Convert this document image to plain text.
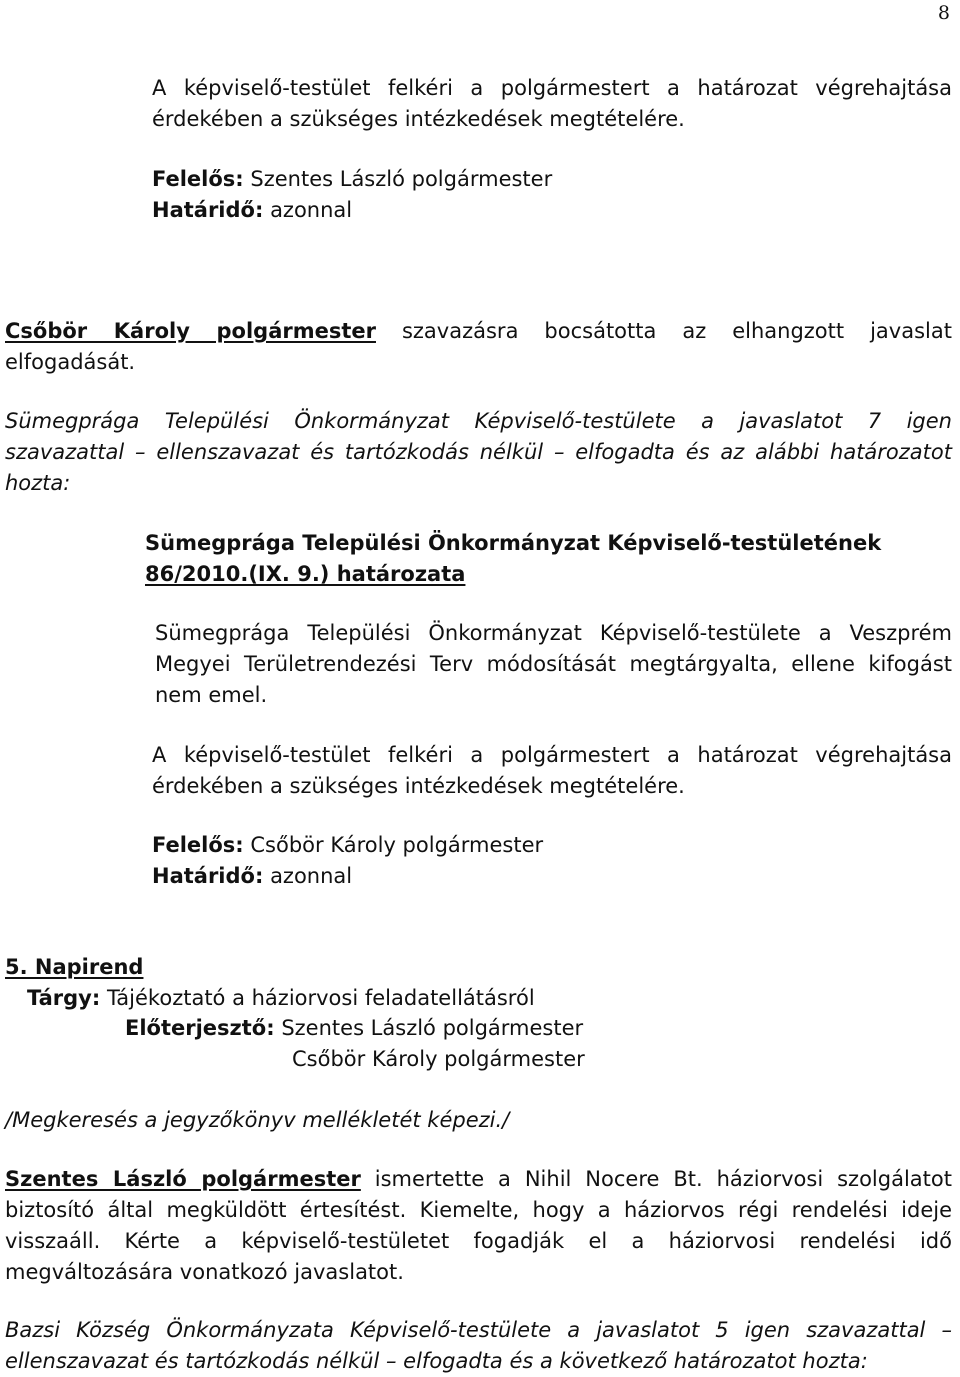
8
A képviselő-testület felkéri a polgármestert a határozat végrehajtása
érdekében a szükséges intézkedések megtételére.
Felelős: Szentes László polgármester
Határidő: azonnal
Csőbör Károly polgármester szavazásra bocsátotta az elhangzott javaslat
elfogadását.
Sümegprága Települési Önkormányzat Képviselő-testülete a javaslatot 7 igen
szavazattal – ellenszavazat és tartózkodás nélkül – elfogadta és az alábbi határozatot
hozta:
Sümegprága Települési Önkormányzat Képviselő-testületének
86/2010.(IX. 9.) határozata
Sümegprága Települési Önkormányzat Képviselő-testülete a Veszprém
Megyei Területrendezési Terv módosítását megtárgyalta, ellene kifogást
nem emel.
A képviselő-testület felkéri a polgármestert a határozat végrehajtása
érdekében a szükséges intézkedések megtételére.
Felelős: Csőbör Károly polgármester
Határidő: azonnal
5. Napirend
Tárgy: Tájékoztató a háziorvosi feladatellátásról
Előterjesztő: Szentes László polgármester
Csőbör Károly polgármester
/Megkeresés a jegyzőkönyv mellékletét képezi./
Szentes László polgármester ismertette a Nihil Nocere Bt. háziorvosi szolgálatot
biztosító által megküldött értesítést. Kiemelte, hogy a háziorvos régi rendelési ideje
visszaáll. Kérte a képviselő-testületet fogadják el a háziorvosi rendelési idő
megváltozására vonatkozó javaslatot.
Bazsi Község Önkormányzata Képviselő-testülete a javaslatot 5 igen szavazattal –
ellenszavazat és tartózkodás nélkül – elfogadta és a következő határozatot hozta:
